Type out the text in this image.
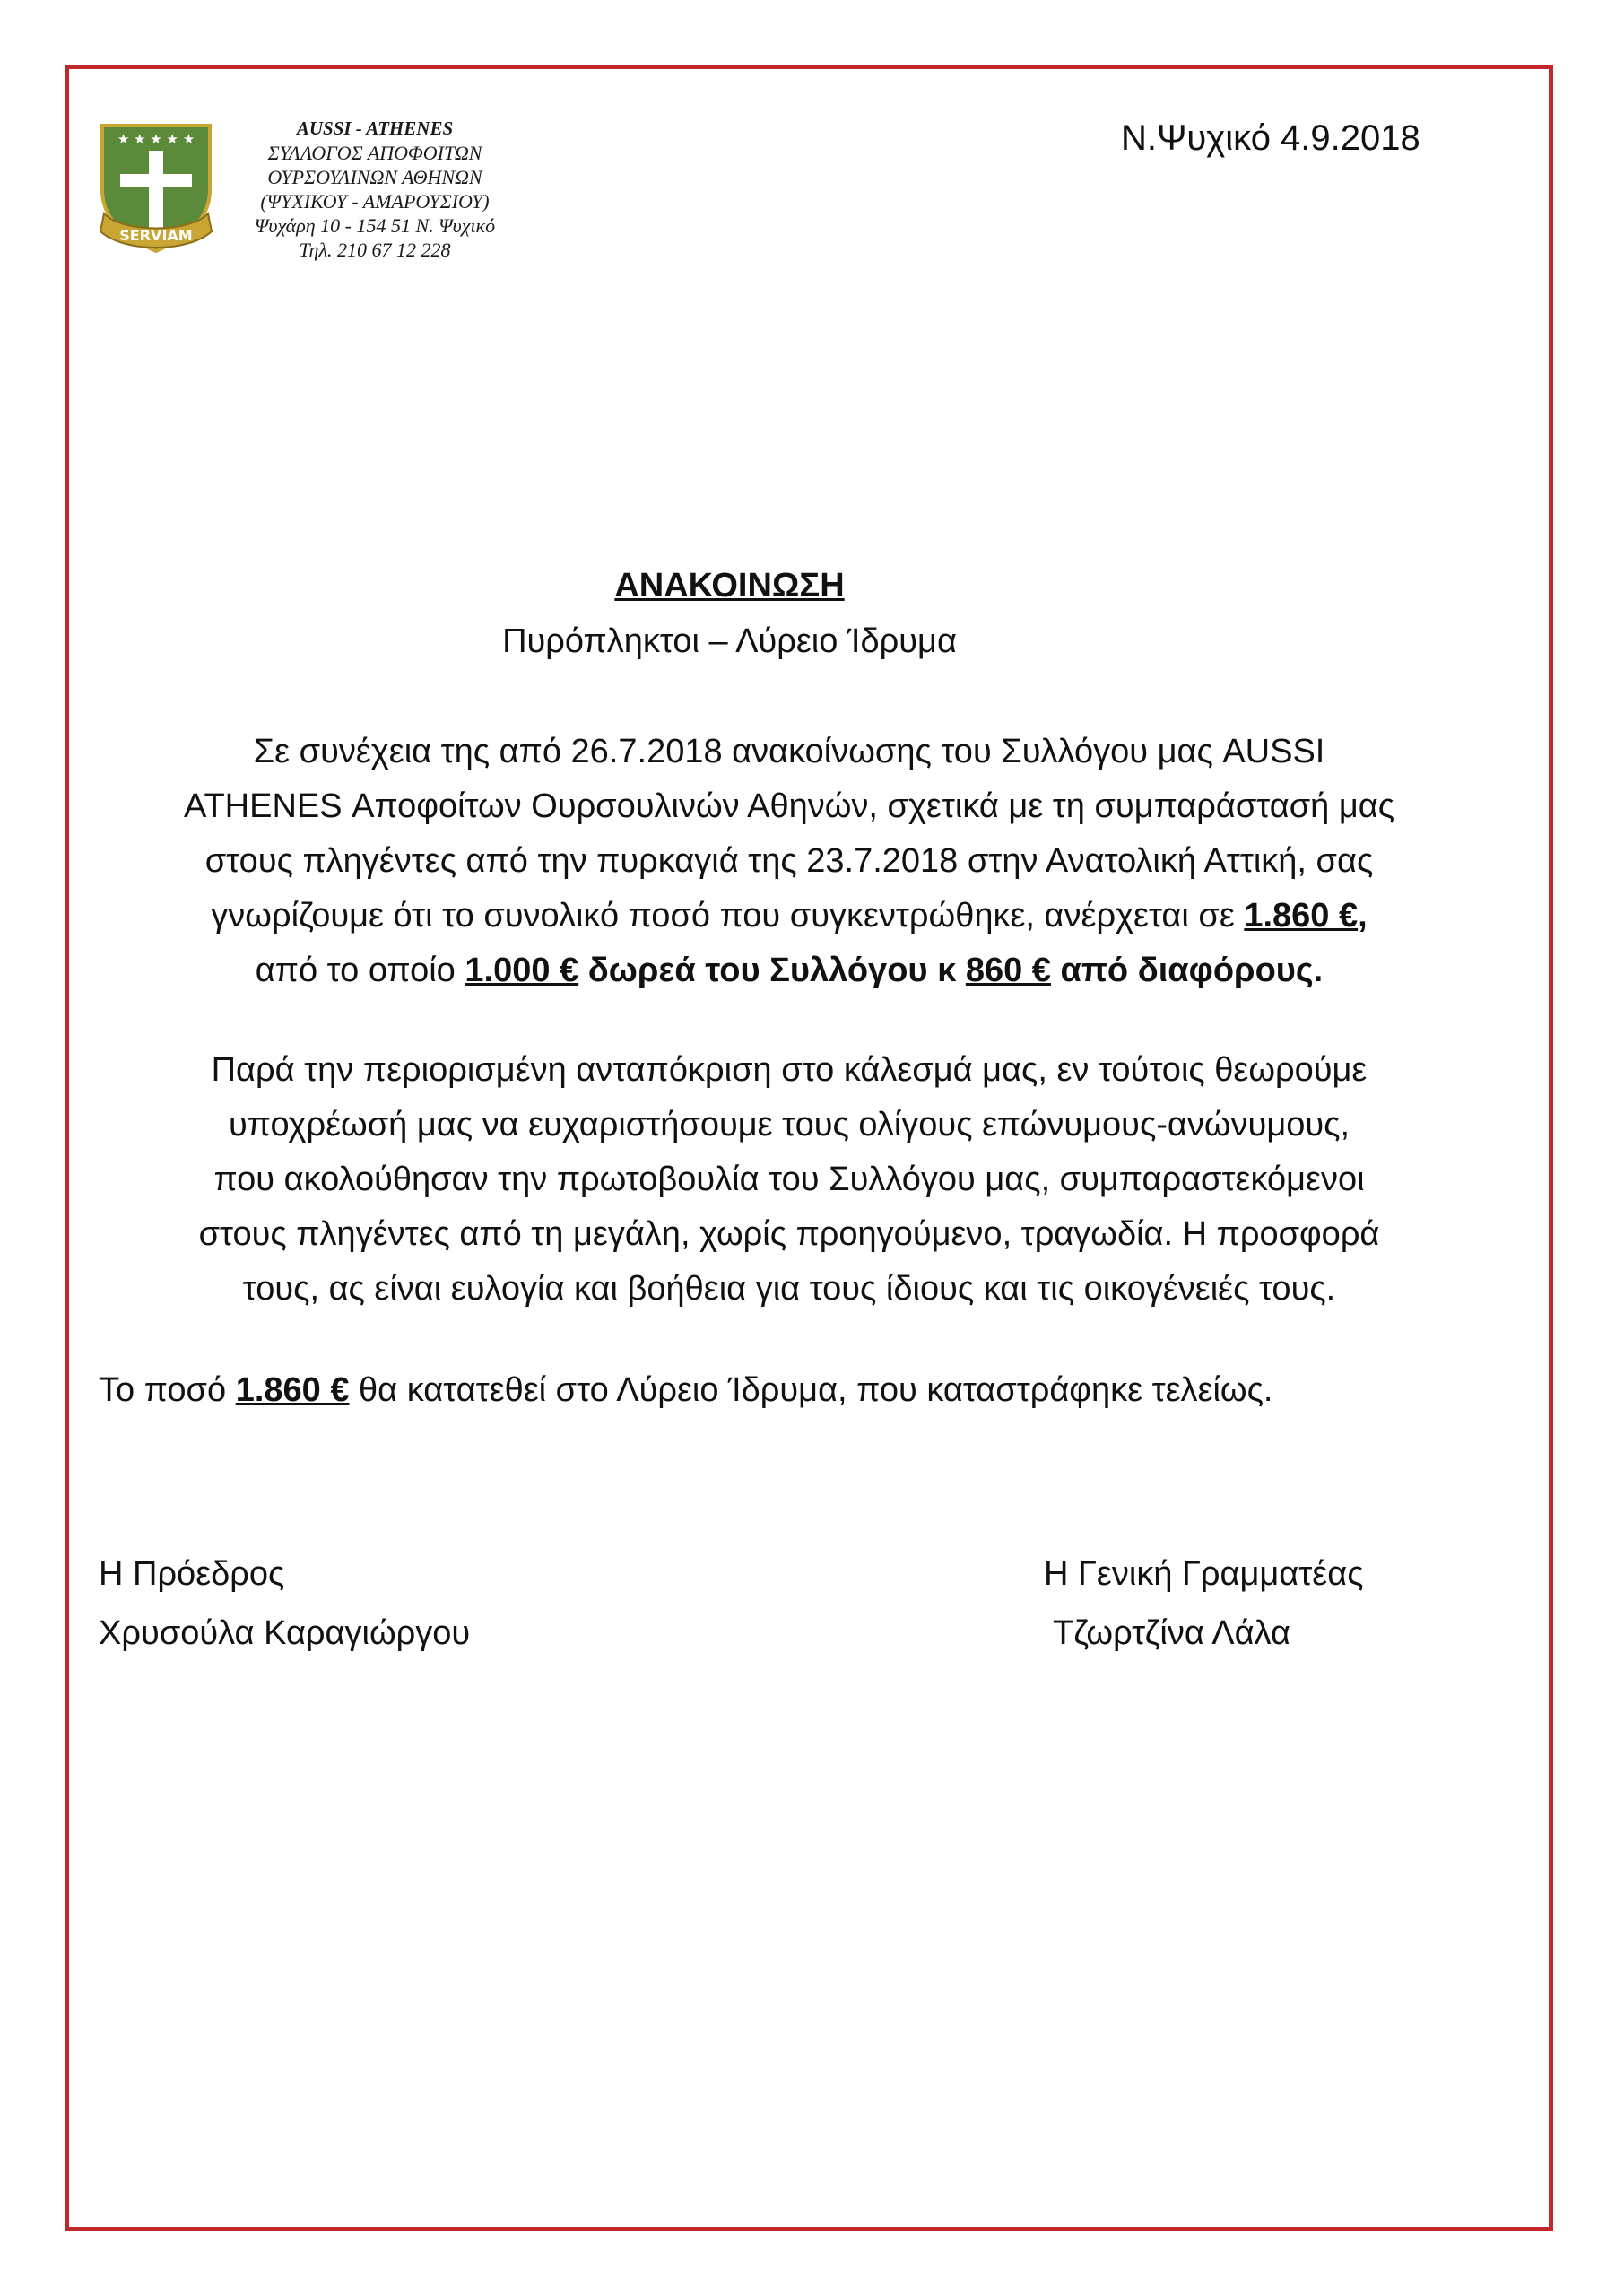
★ ★ ★ ★ ★
SERVIAM
AUSSI - ATHENES
ΣΥΛΛΟΓΟΣ ΑΠΟΦΟΙΤΩΝ
ΟΥΡΣΟΥΛΙΝΩΝ ΑΘΗΝΩΝ
(ΨΥΧΙΚΟΥ - ΑΜΑΡΟΥΣΙΟΥ)
Ψυχάρη 10 - 154 51 Ν. Ψυχικό
Τηλ. 210 67 12 228
Ν.Ψυχικό 4.9.2018
ΑΝΑΚΟΙΝΩΣΗ
Πυρόπληκτοι – Λύρειο Ίδρυμα
Σε συνέχεια της από 26.7.2018 ανακοίνωσης του Συλλόγου μας AUSSI
ATHENES Αποφοίτων Ουρσουλινών Αθηνών, σχετικά με τη συμπαράστασή μας
στους πληγέντες από την πυρκαγιά της 23.7.2018 στην Ανατολική Αττική, σας
γνωρίζουμε ότι το συνολικό ποσό που συγκεντρώθηκε, ανέρχεται σε 1.860 €,
από το οποίο 1.000 € δωρεά του Συλλόγου κ 860 € από διαφόρους.
Παρά την περιορισμένη ανταπόκριση στο κάλεσμά μας, εν τούτοις θεωρούμε
υποχρέωσή μας να ευχαριστήσουμε τους ολίγους επώνυμους-ανώνυμους,
που ακολούθησαν την πρωτοβουλία του Συλλόγου μας, συμπαραστεκόμενοι
στους πληγέντες από τη μεγάλη, χωρίς προηγούμενο, τραγωδία. Η προσφορά
τους, ας είναι ευλογία και βοήθεια για τους ίδιους και τις οικογένειές τους.
Το ποσό 1.860 € θα κατατεθεί στο Λύρειο Ίδρυμα, που καταστράφηκε τελείως.
Η Πρόεδρος
Χρυσούλα Καραγιώργου
Η Γενική Γραμματέας
Τζωρτζίνα Λάλα
